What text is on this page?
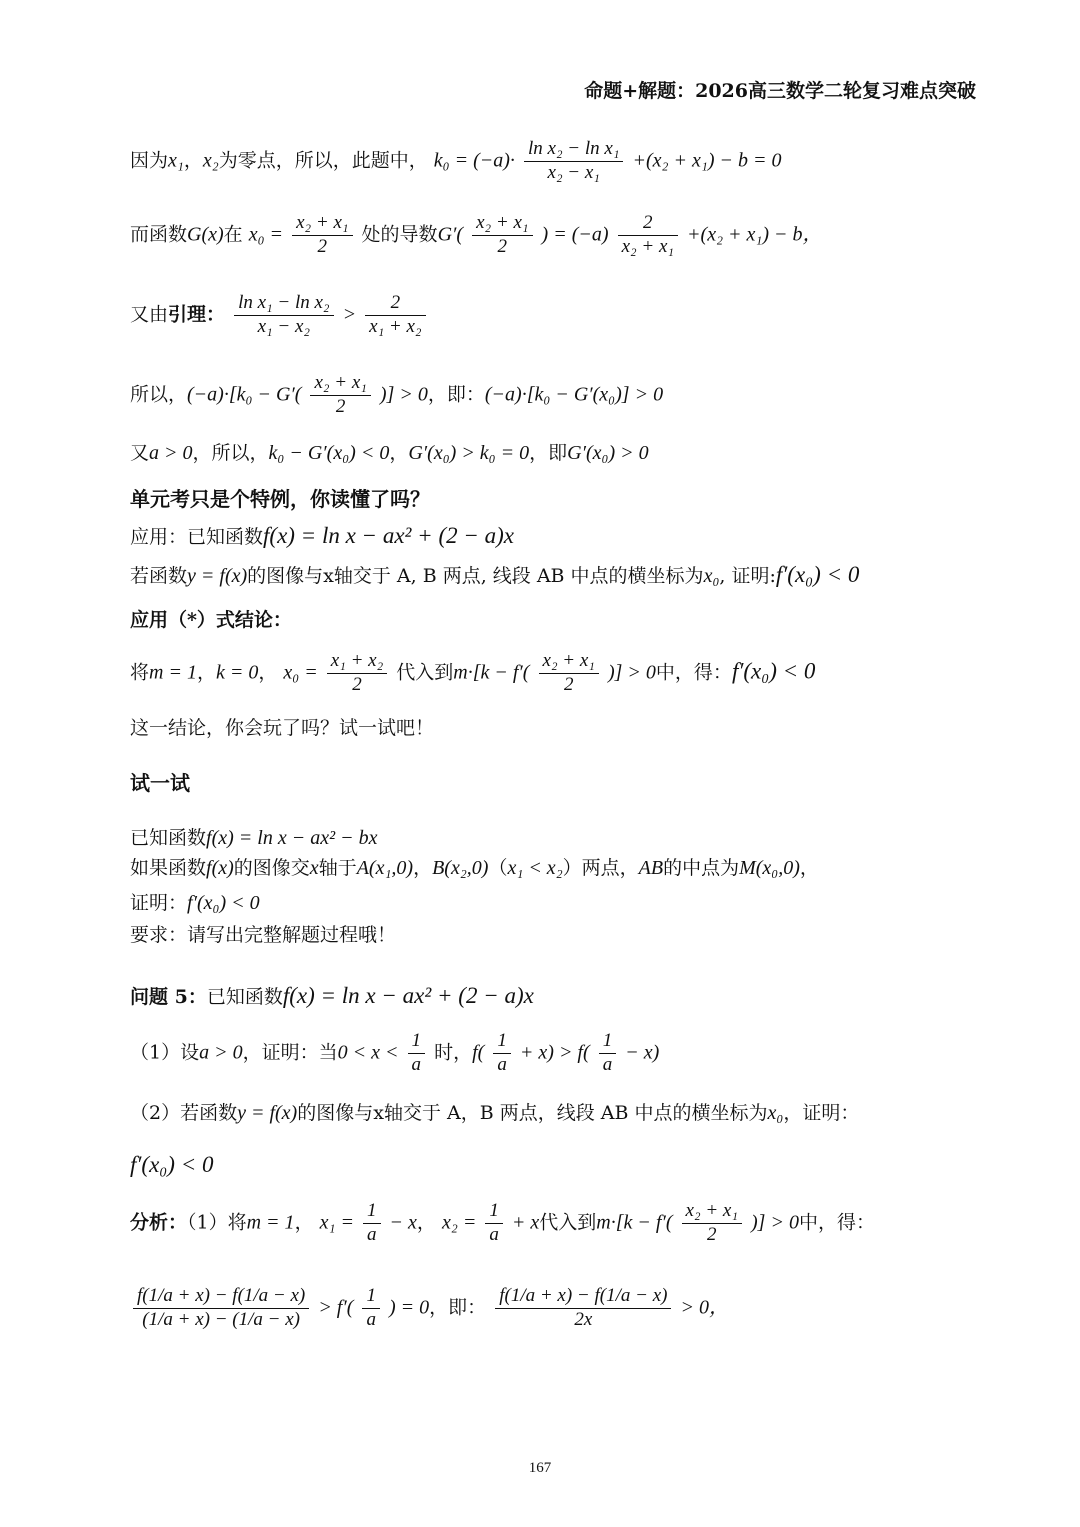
命题+解题：2026高三数学二轮复习难点突破
因为x₁，x₂为零点，所以，此题中， $k_0 = (-a)\cdot \frac{\text{ln x₂ − ln x₁}}{\text{x₂ − x₁}} +(x_2 + x_1) - b = 0$
而函数G(x)在 $x_0 = \frac{\text{x₂ + x₁}}{2}$ 处的导数$G'( \frac{\text{x₂ + x₁}}{2}$ ) = $(-a) \frac{2}{\text{x₂ + x₁}} +(x_2 + x_1) - b$，
又由引理： $\frac{\text{ln x₁ − ln x₂}}{\text{x₁ − x₂}} > \frac{2}{\text{x₁ + x₂}}$
所以，$(-a)\cdot[k_0 - G'( \frac{\text{x₂ + x₁}}{2}$ )] > 0，即：(−a)·[k₀ − G′(x₀)] > 0
又a > 0，所以，k₀ − G′(x₀) < 0，G′(x₀) > k₀ = 0，即G′(x₀) > 0
单元考只是个特例，你读懂了吗？
应用：已知函数f(x) = ln x − ax² + (2 − a)x
若函数y = f(x)的图像与x轴交于 A, B 两点, 线段 AB 中点的横坐标为x₀, 证明:f′(x₀) < 0
应用（*）式结论：
将m = 1，k = 0， $x_0 = \frac{\text{x₁ + x₂}}{2}$ 代入到$m\cdot[k - f'( \frac{\text{x₂ + x₁}}{2}$ )] > 0中，得：f′(x₀) < 0
这一结论，你会玩了吗？试一试吧！
试一试
已知函数f(x) = ln x − ax² − bx
如果函数f(x)的图像交x轴于A(x₁,0)，B(x₂,0)（x₁ < x₂）两点，AB的中点为M(x₀,0)，
证明：f′(x₀) < 0
要求：请写出完整解题过程哦！
问题 5：已知函数f(x) = ln x − ax² + (2 − a)x
（1）设a > 0，证明：当$0 < x < \frac{1}{a}$ 时，$f( \frac{1}{a} + x) > f( \frac{1}{a} - x)$
（2）若函数y = f(x)的图像与x轴交于 A，B 两点，线段 AB 中点的横坐标为x₀，证明：
f′(x₀) < 0
分析：（1）将m = 1， $x_1 = \frac{1}{a} - x$， $x_2 = \frac{1}{a} + x$代入到$m\cdot[k - f'( \frac{\text{x₂ + x₁}}{2}$ )] > 0中，得：
$\frac{f(1/a + x) - f(1/a - x)}{(1/a + x) - (1/a - x)} > f'( \frac{1}{a}$ ) = 0，即： $\frac{f(1/a + x) - f(1/a - x)}{2x} > 0$，
167
